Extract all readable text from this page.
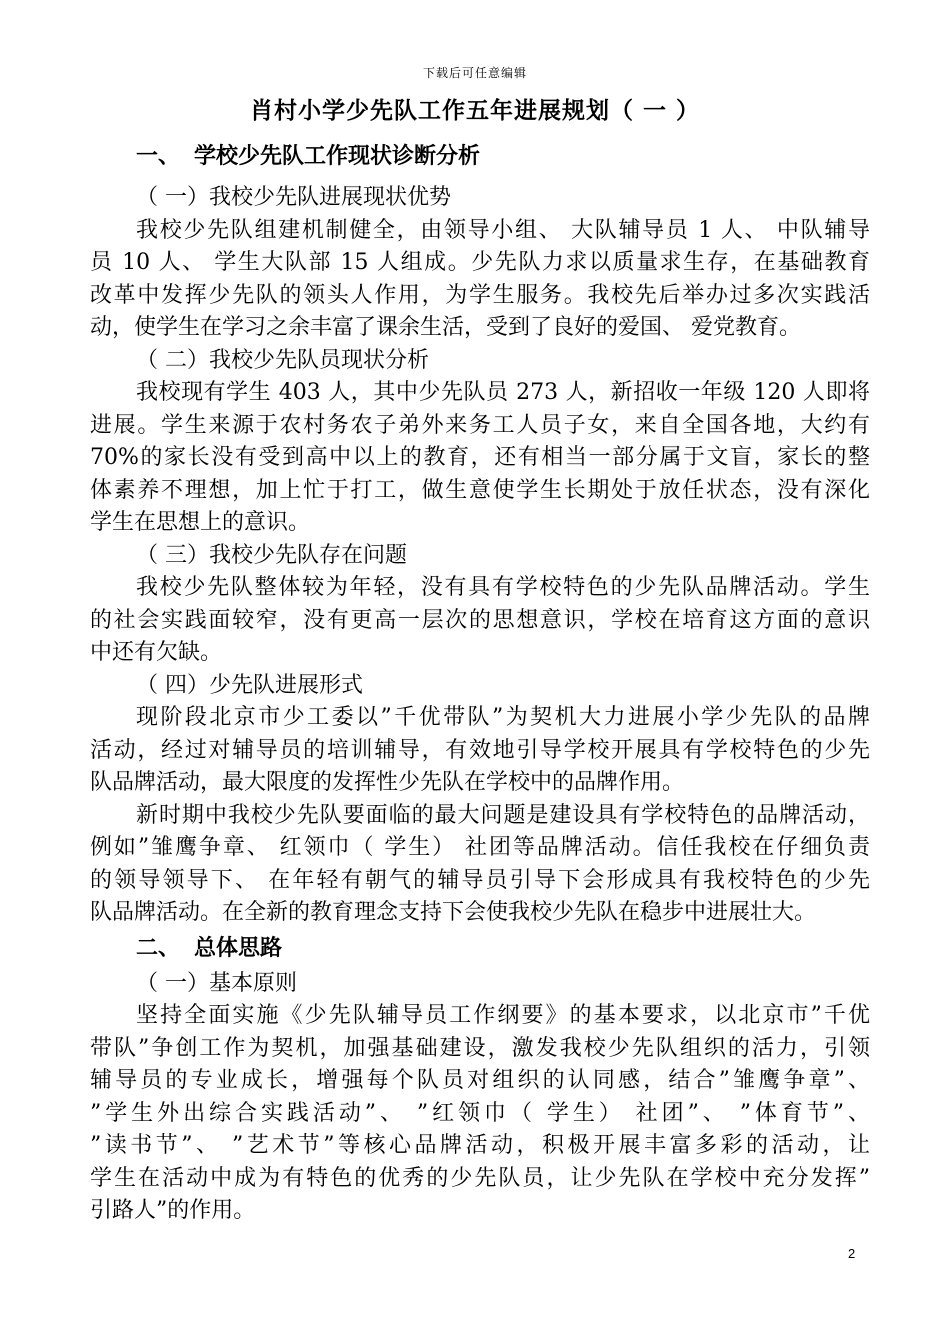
下载后可任意编辑
肖村小学少先队工作五年进展规划（ 一 ）
一、 学校少先队工作现状诊断分析
（ 一）我校少先队进展现状优势
我校少先队组建机制健全，由领导小组、 大队辅导员 1 人、 中队辅导
员 10 人、 学生大队部 15 人组成。少先队力求以质量求生存，在基础教育
改革中发挥少先队的领头人作用，为学生服务。我校先后举办过多次实践活
动，使学生在学习之余丰富了课余生活，受到了良好的爱国、 爱党教育。
（ 二）我校少先队员现状分析
我校现有学生 403 人，其中少先队员 273 人，新招收一年级 120 人即将
进展。学生来源于农村务农子弟外来务工人员子女，来自全国各地，大约有
70%的家长没有受到高中以上的教育，还有相当一部分属于文盲，家长的整
体素养不理想，加上忙于打工，做生意使学生长期处于放任状态，没有深化
学生在思想上的意识。
（ 三）我校少先队存在问题
我校少先队整体较为年轻，没有具有学校特色的少先队品牌活动。学生
的社会实践面较窄，没有更高一层次的思想意识，学校在培育这方面的意识
中还有欠缺。
（ 四）少先队进展形式
现阶段北京市少工委以”千优带队”为契机大力进展小学少先队的品牌
活动，经过对辅导员的培训辅导，有效地引导学校开展具有学校特色的少先
队品牌活动，最大限度的发挥性少先队在学校中的品牌作用。
新时期中我校少先队要面临的最大问题是建设具有学校特色的品牌活动，
例如”雏鹰争章、 红领巾（ 学生） 社团等品牌活动。信任我校在仔细负责
的领导领导下、 在年轻有朝气的辅导员引导下会形成具有我校特色的少先
队品牌活动。在全新的教育理念支持下会使我校少先队在稳步中进展壮大。
二、 总体思路
（ 一）基本原则
坚持全面实施《少先队辅导员工作纲要》的基本要求，以北京市”千优
带队”争创工作为契机，加强基础建设，激发我校少先队组织的活力，引领
辅导员的专业成长，增强每个队员对组织的认同感，结合”雏鹰争章”、
”学生外出综合实践活动”、 ”红领巾（ 学生） 社团”、 ”体育节”、
”读书节”、 ”艺术节”等核心品牌活动，积极开展丰富多彩的活动，让
学生在活动中成为有特色的优秀的少先队员，让少先队在学校中充分发挥”
引路人”的作用。
2
